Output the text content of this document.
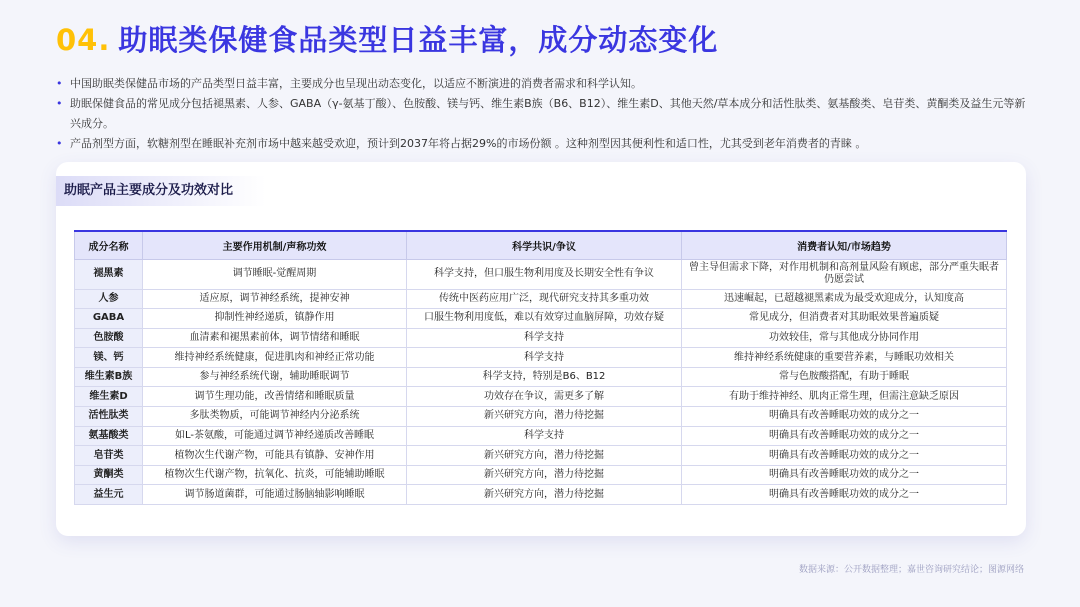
04. 助眠类保健食品类型日益丰富，成分动态变化
• 中国助眠类保健品市场的产品类型日益丰富，主要成分也呈现出动态变化，以适应不断演进的消费者需求和科学认知。
• 助眠保健食品的常见成分包括褪黑素、人参、GABA（γ-氨基丁酸）、色胺酸、镁与钙、维生素B族（B6、B12）、维生素D、其他天然/草本成分和活性肽类、氨基酸类、皂苷类、黄酮类及益生元等新兴成分。
• 产品剂型方面，软糖剂型在睡眠补充剂市场中越来越受欢迎，预计到2037年将占据29%的市场份额 。这种剂型因其便利性和适口性，尤其受到老年消费者的青睐 。
助眠产品主要成分及功效对比
成分名称	主要作用机制/声称功效	科学共识/争议	消费者认知/市场趋势
褪黑素	调节睡眠-觉醒周期	科学支持，但口服生物利用度及长期安全性有争议	曾主导但需求下降，对作用机制和高剂量风险有顾虑，部分严重失眠者仍愿尝试
人参	适应原，调节神经系统，提神安神	传统中医药应用广泛，现代研究支持其多重功效	迅速崛起，已超越褪黑素成为最受欢迎成分，认知度高
GABA	抑制性神经递质，镇静作用	口服生物利用度低，难以有效穿过血脑屏障，功效存疑	常见成分，但消费者对其助眠效果普遍质疑
色胺酸	血清素和褪黑素前体，调节情绪和睡眠	科学支持	功效较佳，常与其他成分协同作用
镁、钙	维持神经系统健康，促进肌肉和神经正常功能	科学支持	维持神经系统健康的重要营养素，与睡眠功效相关
维生素B族	参与神经系统代谢，辅助睡眠调节	科学支持，特别是B6、B12	常与色胺酸搭配，有助于睡眠
维生素D	调节生理功能，改善情绪和睡眠质量	功效存在争议，需更多了解	有助于维持神经、肌肉正常生理，但需注意缺乏原因
活性肽类	多肽类物质，可能调节神经内分泌系统	新兴研究方向，潜力待挖掘	明确具有改善睡眠功效的成分之一
氨基酸类	如L-茶氨酸，可能通过调节神经递质改善睡眠	科学支持	明确具有改善睡眠功效的成分之一
皂苷类	植物次生代谢产物，可能具有镇静、安神作用	新兴研究方向，潜力待挖掘	明确具有改善睡眠功效的成分之一
黄酮类	植物次生代谢产物，抗氧化、抗炎，可能辅助睡眠	新兴研究方向，潜力待挖掘	明确具有改善睡眠功效的成分之一
益生元	调节肠道菌群，可能通过肠脑轴影响睡眠	新兴研究方向，潜力待挖掘	明确具有改善睡眠功效的成分之一
数据来源：公开数据整理；嘉世咨询研究结论；图源网络
